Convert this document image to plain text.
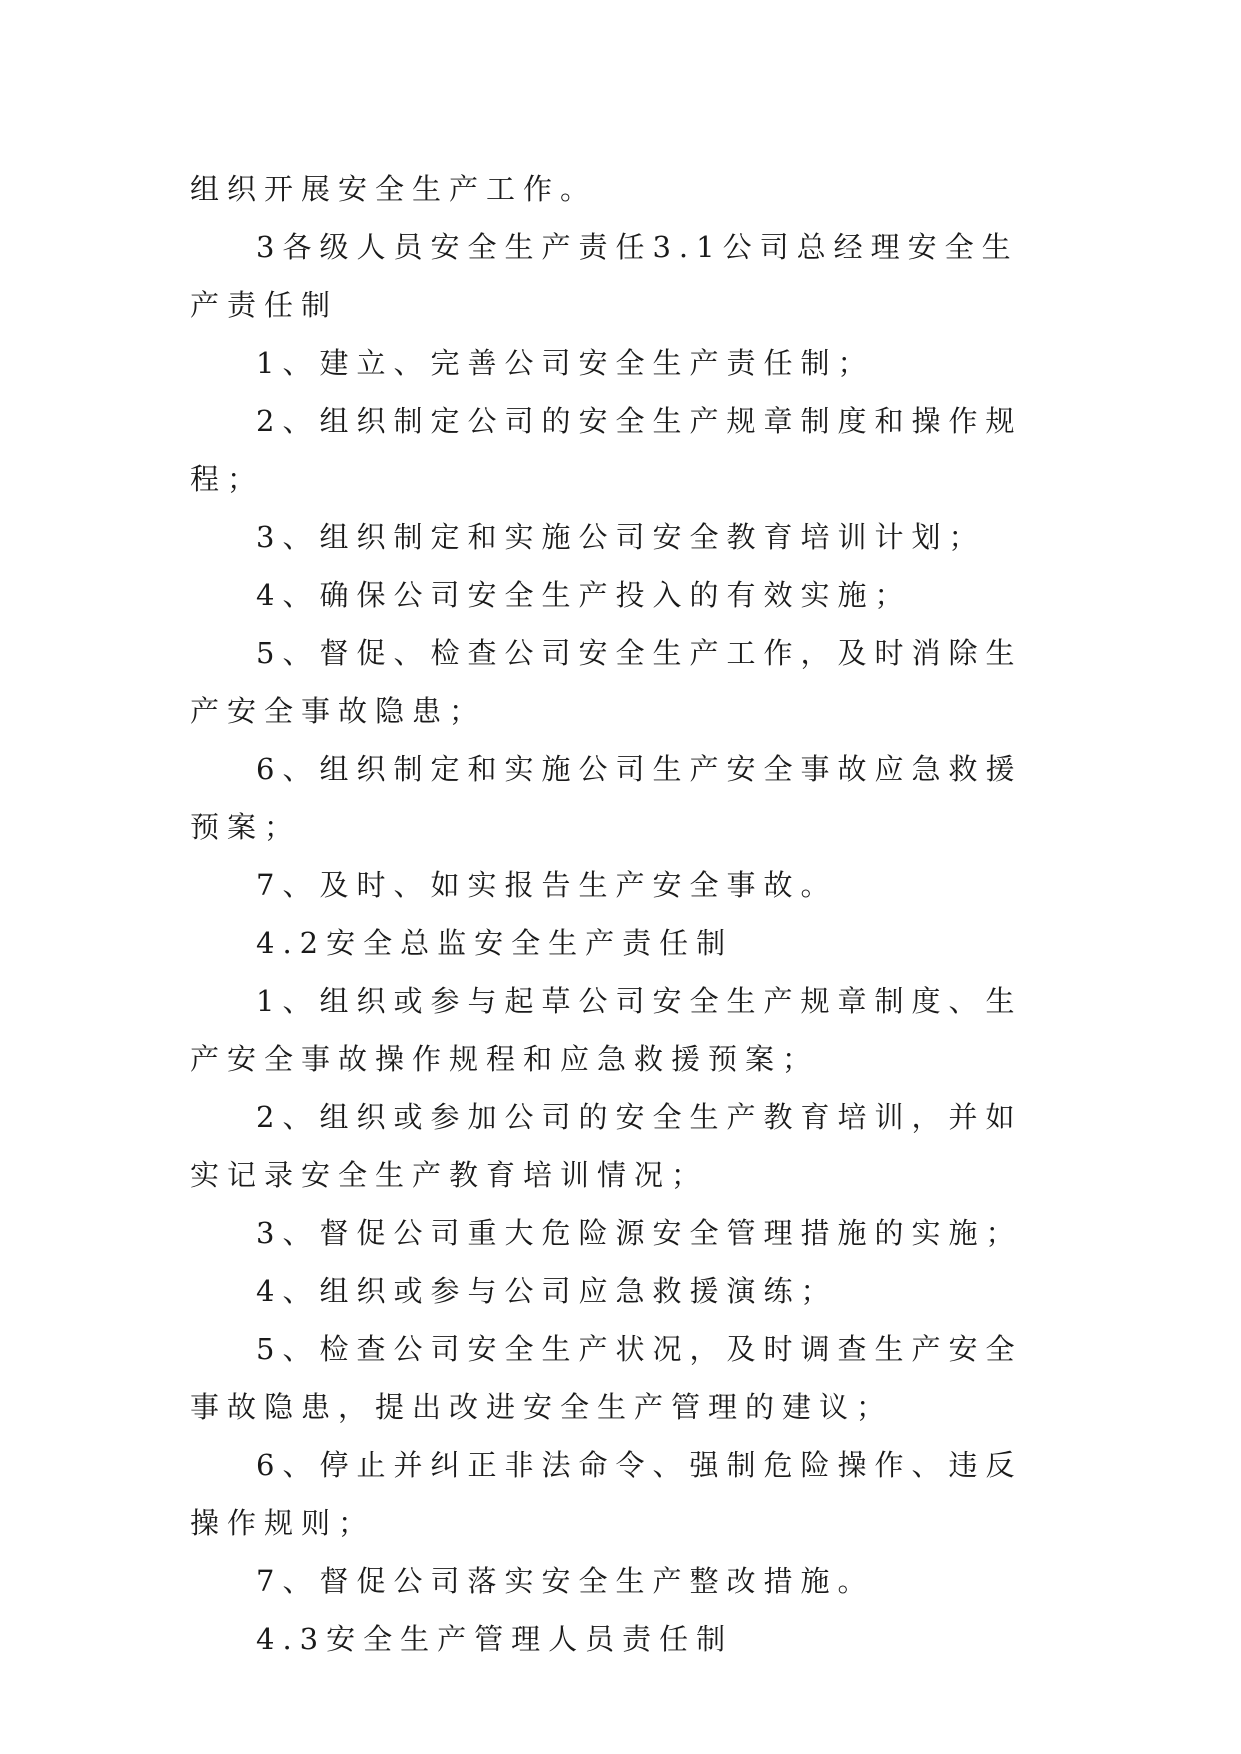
组织开展安全生产工作。

3各级人员安全生产责任3.1公司总经理安全生产责任制

1、建立、完善公司安全生产责任制；

2、组织制定公司的安全生产规章制度和操作规程；

3、组织制定和实施公司安全教育培训计划；

4、确保公司安全生产投入的有效实施；

5、督促、检查公司安全生产工作，及时消除生产安全事故隐患；

6、组织制定和实施公司生产安全事故应急救援预案；

7、及时、如实报告生产安全事故。

4.2安全总监安全生产责任制

1、组织或参与起草公司安全生产规章制度、生产安全事故操作规程和应急救援预案；

2、组织或参加公司的安全生产教育培训，并如实记录安全生产教育培训情况；

3、督促公司重大危险源安全管理措施的实施；

4、组织或参与公司应急救援演练；

5、检查公司安全生产状况，及时调查生产安全事故隐患，提出改进安全生产管理的建议；

6、停止并纠正非法命令、强制危险操作、违反操作规则；

7、督促公司落实安全生产整改措施。

4.3安全生产管理人员责任制
